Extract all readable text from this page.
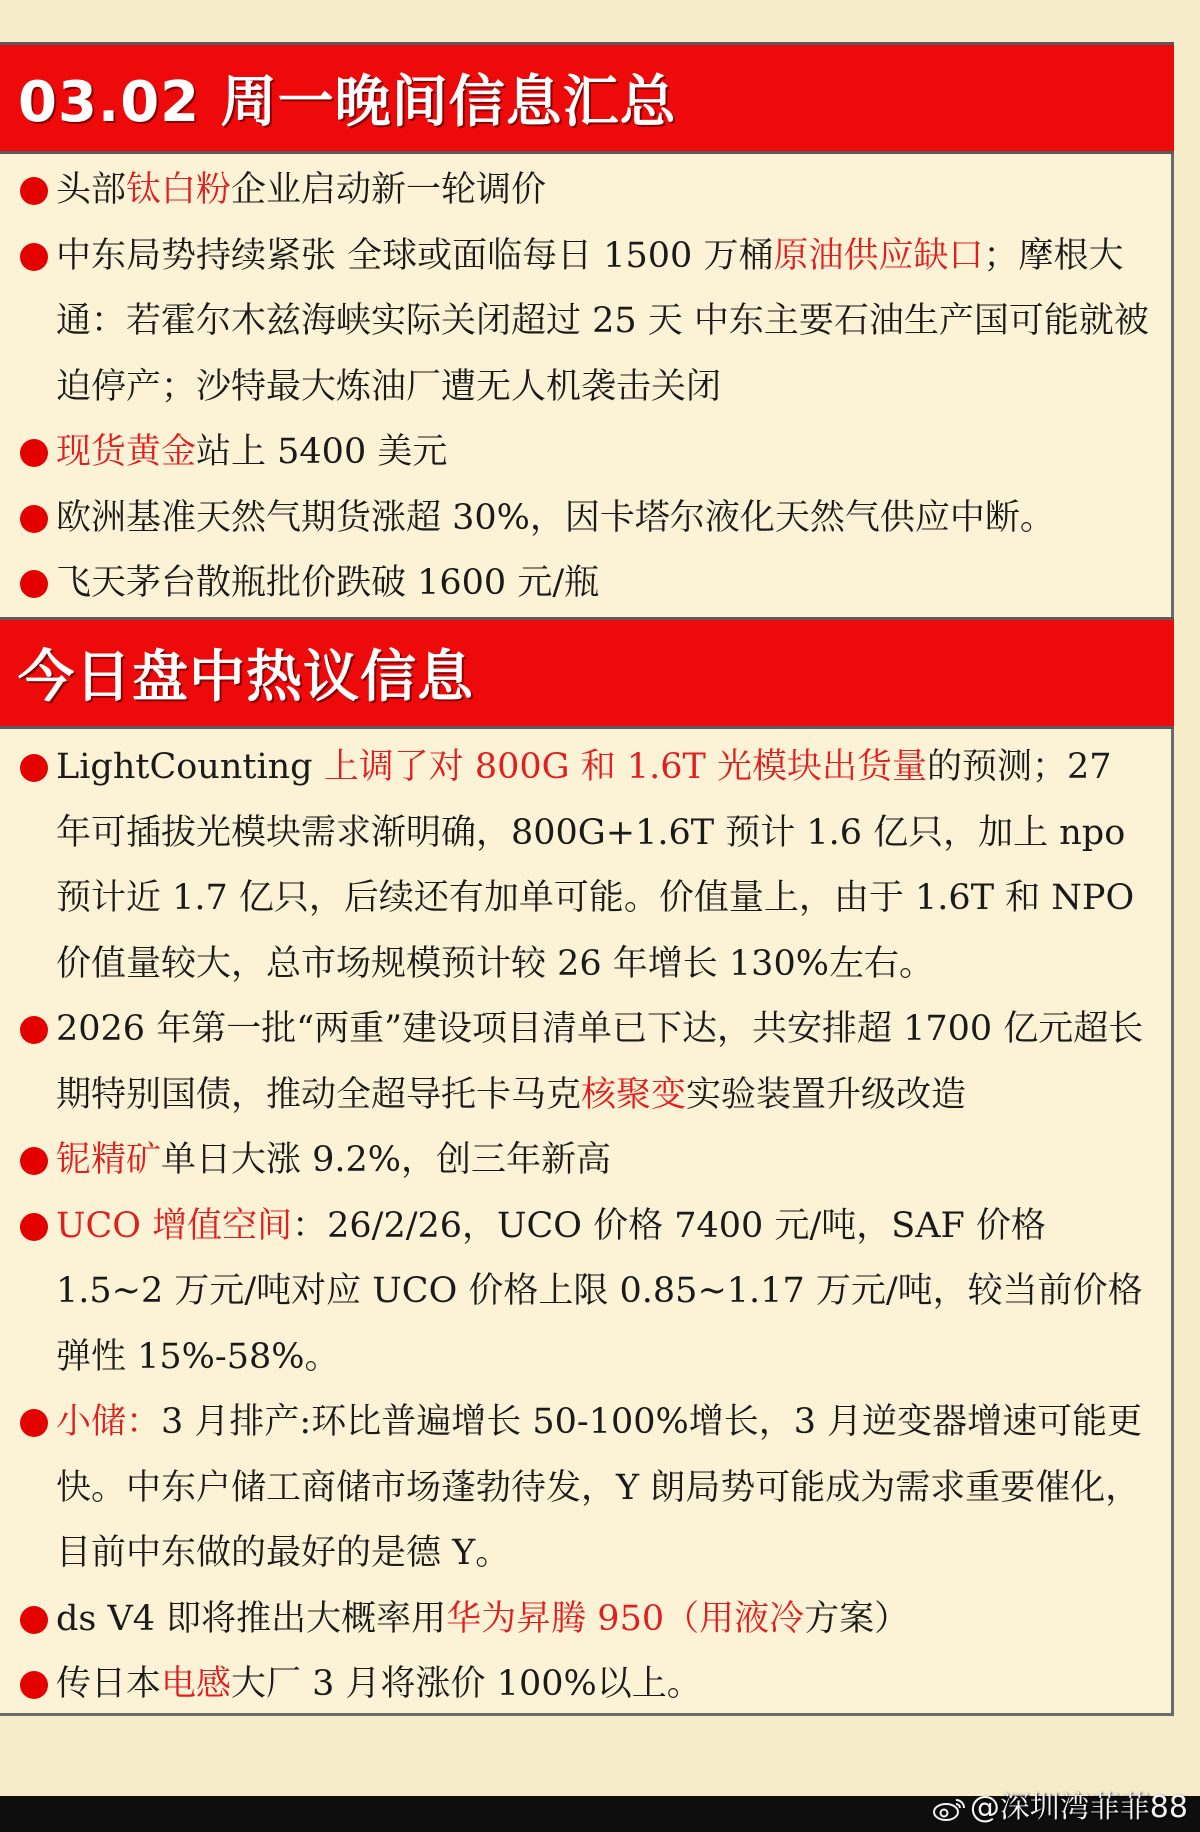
03.02 周一晚间信息汇总
头部钛白粉企业启动新一轮调价
中东局势持续紧张 全球或面临每日 1500 万桶原油供应缺口；摩根大通：若霍尔木兹海峡实际关闭超过 25 天 中东主要石油生产国可能就被迫停产；沙特最大炼油厂遭无人机袭击关闭
现货黄金站上 5400 美元
欧洲基准天然气期货涨超 30%，因卡塔尔液化天然气供应中断。
飞天茅台散瓶批价跌破 1600 元/瓶
今日盘中热议信息
LightCounting 上调了对 800G 和 1.6T 光模块出货量的预测；27 年可插拔光模块需求渐明确，800G+1.6T 预计 1.6 亿只，加上 npo 预计近 1.7 亿只，后续还有加单可能。价值量上，由于 1.6T 和 NPO 价值量较大，总市场规模预计较 26 年增长 130%左右。
2026 年第一批“两重”建设项目清单已下达，共安排超 1700 亿元超长期特别国债，推动全超导托卡马克核聚变实验装置升级改造
铌精矿单日大涨 9.2%，创三年新高
UCO 增值空间：26/2/26，UCO 价格 7400 元/吨，SAF 价格 1.5~2 万元/吨对应 UCO 价格上限 0.85~1.17 万元/吨，较当前价格弹性 15%-58%。
小储：3 月排产:环比普遍增长 50-100%增长，3 月逆变器增速可能更快。中东户储工商储市场蓬勃待发，Y 朗局势可能成为需求重要催化，目前中东做的最好的是德 Y。
ds V4 即将推出大概率用华为昇腾 950（用液冷方案）
传日本电感大厂 3 月将涨价 100%以上。
@深圳湾菲菲88
